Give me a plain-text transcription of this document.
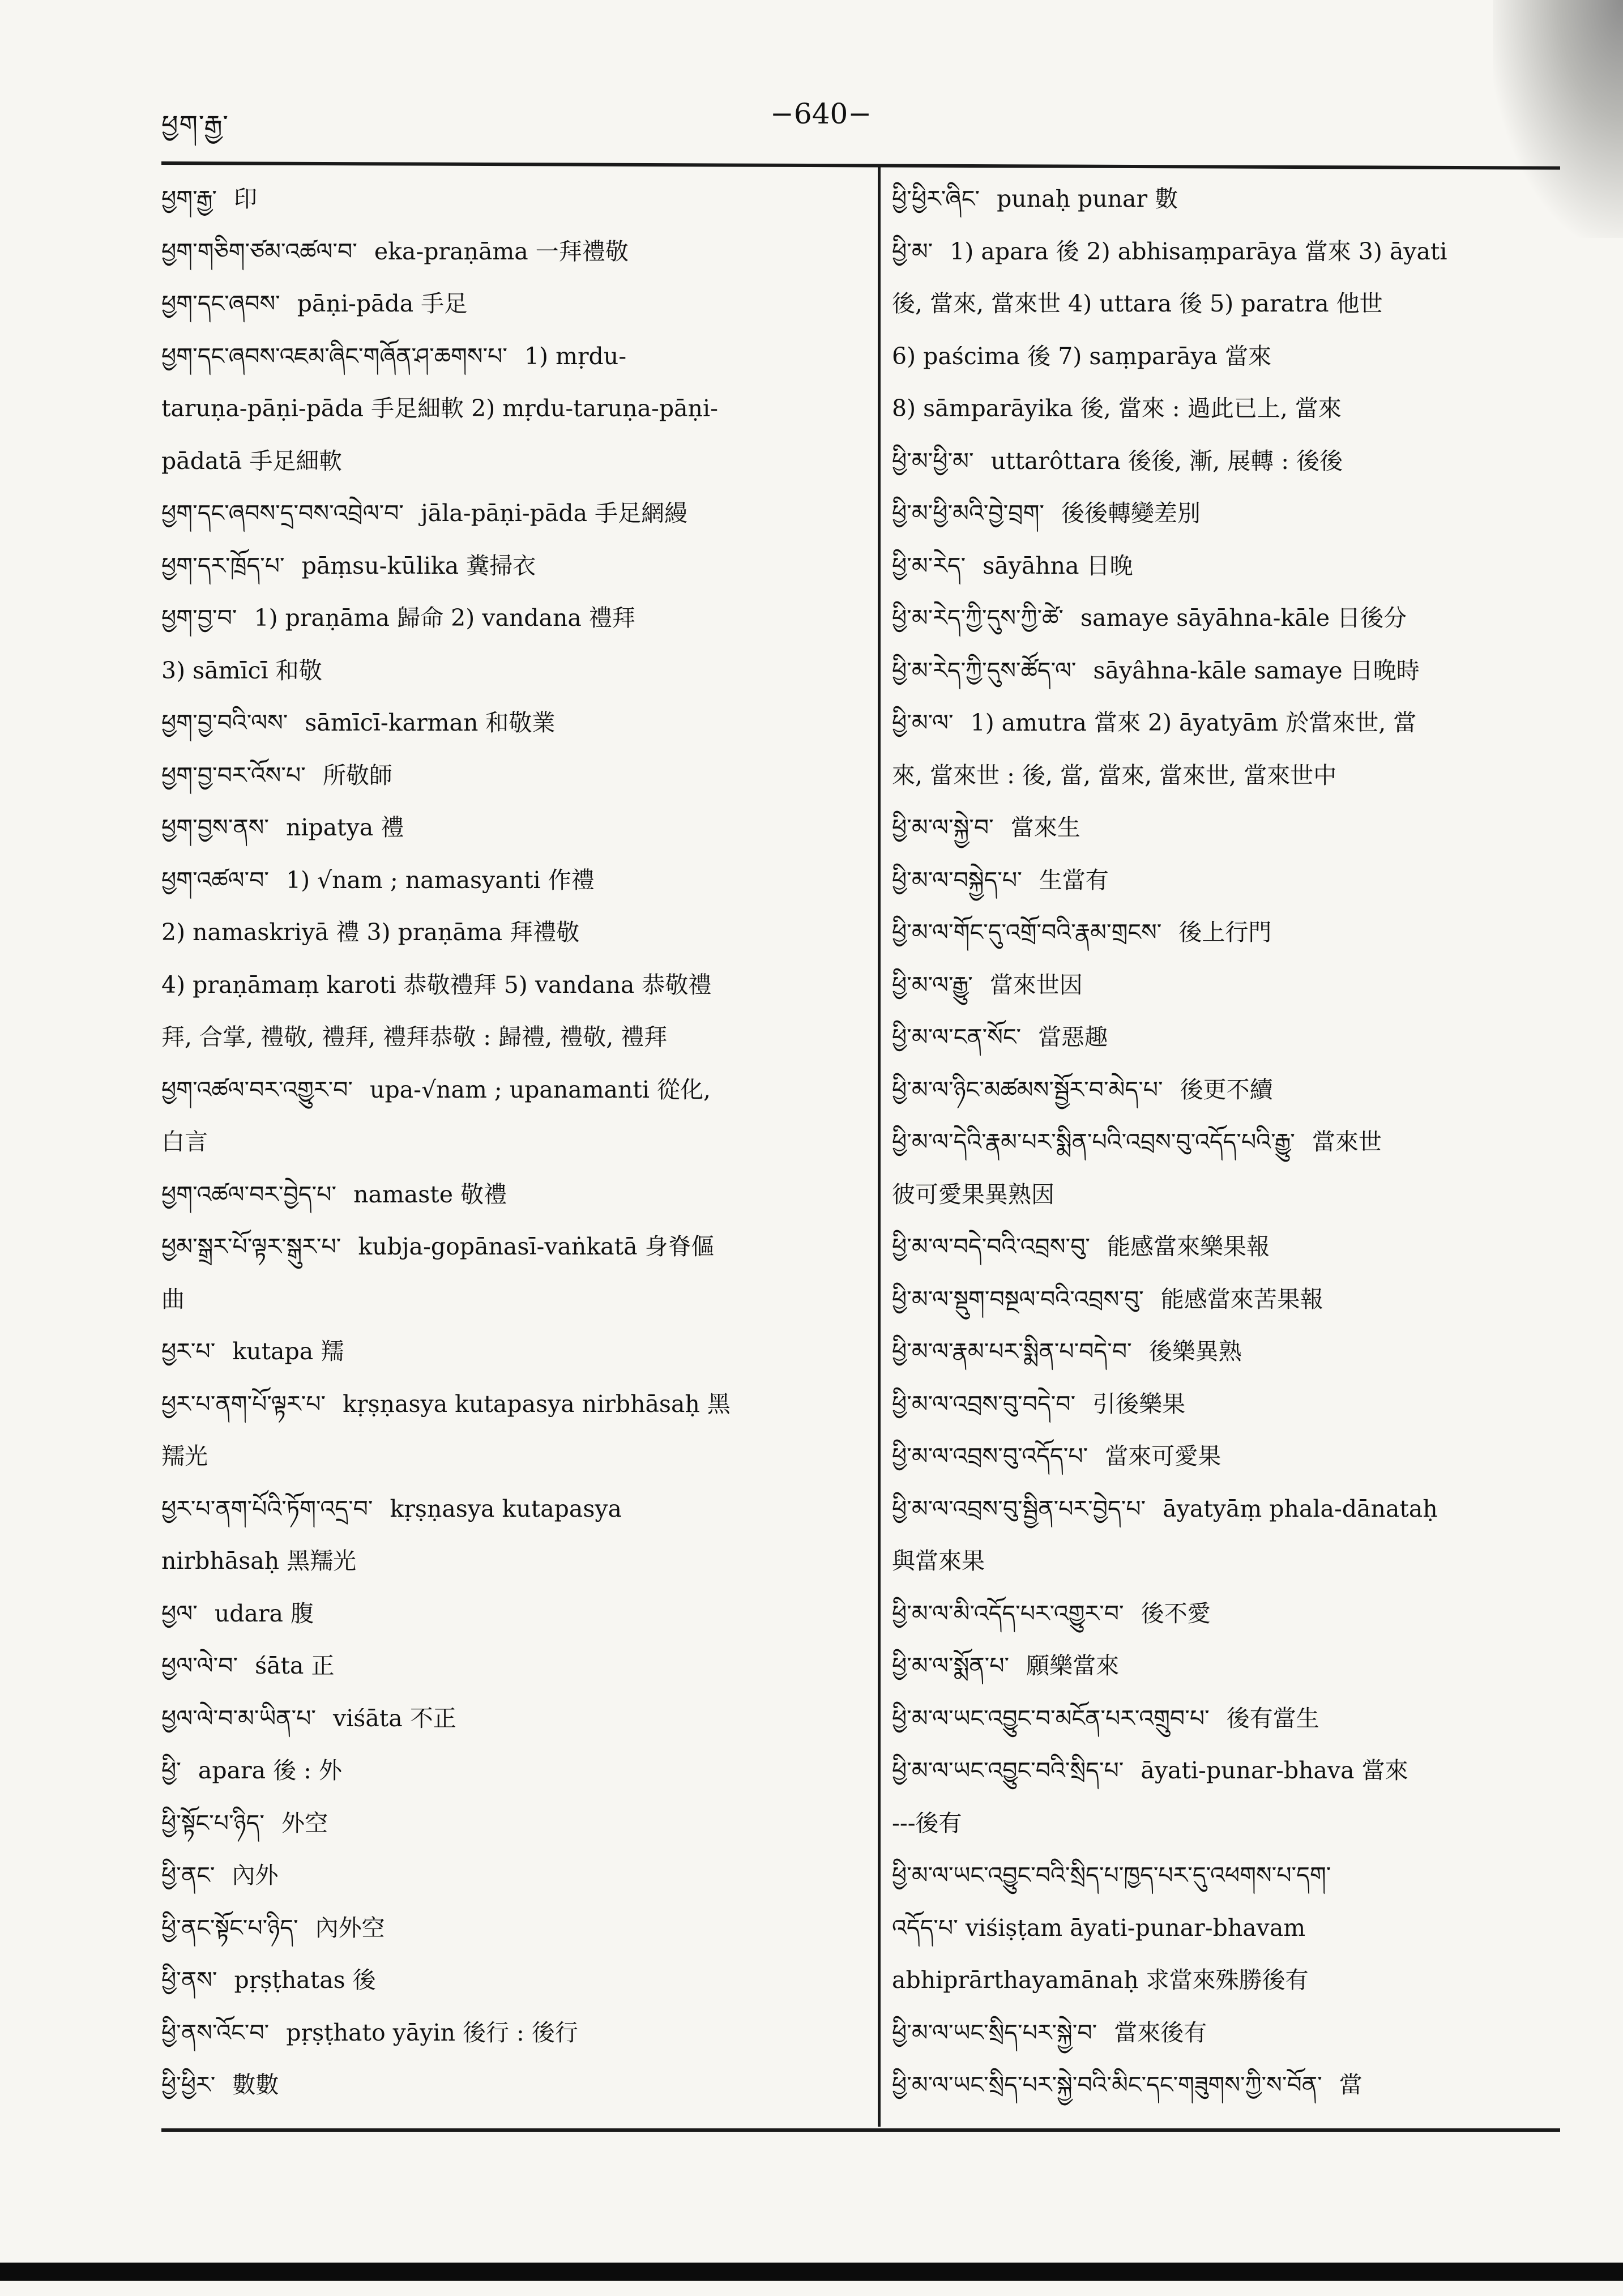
ཕྱག་རྒྱ་	−640−
ཕྱག་རྒྱ་ 印
ཕྱག་གཅིག་ཙམ་འཚལ་བ་ eka-praṇāma 一拜禮敬
ཕྱག་དང་ཞབས་ pāṇi-pāda 手足
ཕྱག་དང་ཞབས་འཇམ་ཞིང་གཞོན་ཤ་ཆགས་པ་ 1) mṛdu-
taruṇa-pāṇi-pāda 手足細軟 2) mṛdu-taruṇa-pāṇi-
pādatā 手足細軟
ཕྱག་དང་ཞབས་དྲ་བས་འབྲེལ་བ་ jāla-pāṇi-pāda 手足網縵
ཕྱག་དར་ཁྲོད་པ་ pāṃsu-kūlika 糞掃衣
ཕྱག་བྱ་བ་ 1) praṇāma 歸命 2) vandana 禮拜
3) sāmīcī 和敬
ཕྱག་བྱ་བའི་ལས་ sāmīcī-karman 和敬業
ཕྱག་བྱ་བར་འོས་པ་ 所敬師
ཕྱག་བྱས་ནས་ nipatya 禮
ཕྱག་འཚལ་བ་ 1) √nam ; namasyanti 作禮
2) namaskriyā 禮 3) praṇāma 拜禮敬
4) praṇāmaṃ karoti 恭敬禮拜 5) vandana 恭敬禮
拜, 合掌, 禮敬, 禮拜, 禮拜恭敬 : 歸禮, 禮敬, 禮拜
ཕྱག་འཚལ་བར་འགྱུར་བ་ upa-√nam ; upanamanti 從化,
白言
ཕྱག་འཚལ་བར་བྱེད་པ་ namaste 敬禮
ཕྱམ་སྒྲར་པོ་ལྟར་སྒུར་པ་ kubja-gopānasī-vaṅkatā 身脊傴
曲
ཕྱར་པ་ kutapa 羺
ཕྱར་པ་ནག་པོ་ལྟར་པ་ kṛṣṇasya kutapasya nirbhāsaḥ 黑
羺光
ཕྱར་པ་ནག་པོའི་ཏོག་འདྲ་བ་ kṛṣṇasya kutapasya
nirbhāsaḥ 黑羺光
ཕྱལ་ udara 腹
ཕྱལ་ལེ་བ་ śāta 正
ཕྱལ་ལེ་བ་མ་ཡིན་པ་ viśāta 不正
ཕྱི་ apara 後 : 外
ཕྱི་སྟོང་པ་ཉིད་ 外空
ཕྱི་ནང་ 內外
ཕྱི་ནང་སྟོང་པ་ཉིད་ 內外空
ཕྱི་ནས་ pṛṣṭhatas 後
ཕྱི་ནས་འོང་བ་ pṛṣṭhato yāyin 後行 : 後行
ཕྱི་ཕྱིར་ 數數
ཕྱི་ཕྱིར་ཞིང་ punaḥ punar 數
ཕྱི་མ་ 1) apara 後 2) abhisaṃparāya 當來 3) āyati
後, 當來, 當來世 4) uttara 後 5) paratra 他世
6) paścima 後 7) saṃparāya 當來
8) sāmparāyika 後, 當來 : 過此已上, 當來
ཕྱི་མ་ཕྱི་མ་ uttarôttara 後後, 漸, 展轉 : 後後
ཕྱི་མ་ཕྱི་མའི་བྱེ་བྲག་ 後後轉變差別
ཕྱི་མ་རེད་ sāyāhna 日晚
ཕྱི་མ་རེད་ཀྱི་དུས་ཀྱི་ཚེ་ samaye sāyāhna-kāle 日後分
ཕྱི་མ་རེད་ཀྱི་དུས་ཚོད་ལ་ sāyâhna-kāle samaye 日晚時
ཕྱི་མ་ལ་ 1) amutra 當來 2) āyatyām 於當來世, 當
來, 當來世 : 後, 當, 當來, 當來世, 當來世中
ཕྱི་མ་ལ་སྐྱེ་བ་ 當來生
ཕྱི་མ་ལ་བསྐྱེད་པ་ 生當有
ཕྱི་མ་ལ་གོང་དུ་འགྲོ་བའི་རྣམ་གྲངས་ 後上行門
ཕྱི་མ་ལ་རྒྱུ་ 當來世因
ཕྱི་མ་ལ་ངན་སོང་ 當惡趣
ཕྱི་མ་ལ་ཉིང་མཚམས་སྦྱོར་བ་མེད་པ་ 後更不續
ཕྱི་མ་ལ་དེའི་རྣམ་པར་སྨིན་པའི་འབྲས་བུ་འདོད་པའི་རྒྱུ་ 當來世
彼可愛果異熟因
ཕྱི་མ་ལ་བདེ་བའི་འབྲས་བུ་ 能感當來樂果報
ཕྱི་མ་ལ་སྡུག་བསྔལ་བའི་འབྲས་བུ་ 能感當來苦果報
ཕྱི་མ་ལ་རྣམ་པར་སྨིན་པ་བདེ་བ་ 後樂異熟
ཕྱི་མ་ལ་འབྲས་བུ་བདེ་བ་ 引後樂果
ཕྱི་མ་ལ་འབྲས་བུ་འདོད་པ་ 當來可愛果
ཕྱི་མ་ལ་འབྲས་བུ་སྦྱིན་པར་བྱེད་པ་ āyatyāṃ phala-dānataḥ
與當來果
ཕྱི་མ་ལ་མི་འདོད་པར་འགྱུར་བ་ 後不愛
ཕྱི་མ་ལ་སྨོན་པ་ 願樂當來
ཕྱི་མ་ལ་ཡང་འབྱུང་བ་མངོན་པར་འགྲུབ་པ་ 後有當生
ཕྱི་མ་ལ་ཡང་འབྱུང་བའི་སྲིད་པ་ āyati-punar-bhava 當來
---後有
ཕྱི་མ་ལ་ཡང་འབྱུང་བའི་སྲིད་པ་ཁྱད་པར་དུ་འཕགས་པ་དག་
འདོད་པ་ viśiṣṭam āyati-punar-bhavam
abhiprārthayamānaḥ 求當來殊勝後有
ཕྱི་མ་ལ་ཡང་སྲིད་པར་སྐྱེ་བ་ 當來後有
ཕྱི་མ་ལ་ཡང་སྲིད་པར་སྐྱེ་བའི་མིང་དང་གཟུགས་ཀྱི་ས་བོན་ 當
